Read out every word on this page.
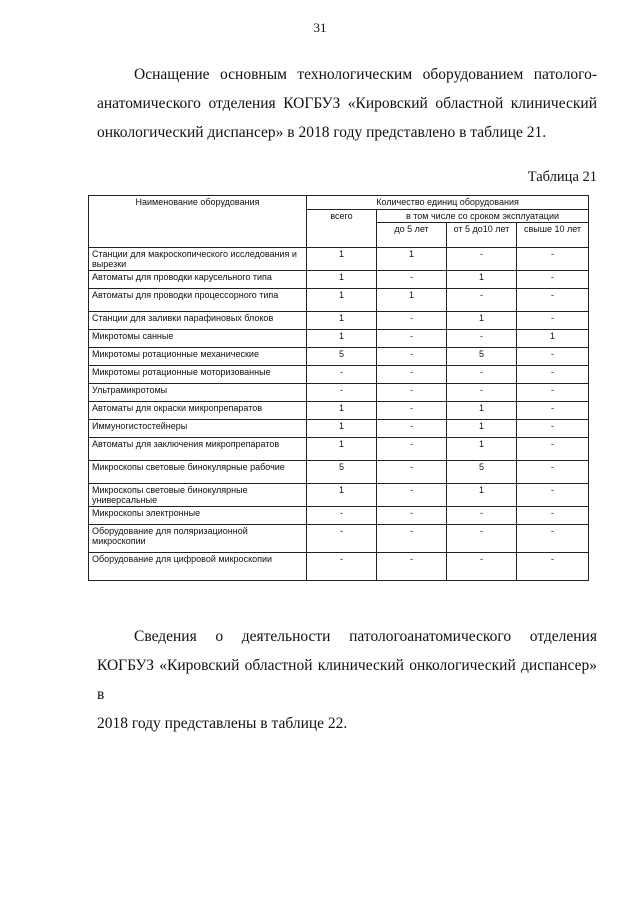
31
Оснащение основным технологическим оборудованием патолого-
анатомического отделения КОГБУЗ «Кировский областной клинический
онкологический диспансер» в 2018 году представлено в таблице 21.
Таблица 21
Наименование оборудования	Количество единиц оборудования			
	всего	в том числе со сроком эксплуатации		
		до 5 лет	от 5 до10 лет	свыше 10 лет
Станции для макроскопического исследования и вырезки	1	1	-	-
Автоматы для проводки карусельного типа	1	-	1	-
Автоматы для проводки процессорного типа	1	1	-	-
Станции для заливки парафиновых блоков	1	-	1	-
Микротомы санные	1	-	-	1
Микротомы ротационные механические	5	-	5	-
Микротомы ротационные моторизованные	-	-	-	-
Ультрамикротомы	-	-	-	-
Автоматы для окраски микропрепаратов	1	-	1	-
Иммуногистостейнеры	1	-	1	-
Автоматы для заключения микропрепаратов	1	-	1	-
Микроскопы световые бинокулярные рабочие	5	-	5	-
Микроскопы световые бинокулярные универсальные	1	-	1	-
Микроскопы электронные	-	-	-	-
Оборудование для поляризационной микроскопии	-	-	-	-
Оборудование для цифровой микроскопии	-	-	-	-
Сведения о деятельности патологоанатомического отделения
КОГБУЗ «Кировский областной клинический онкологический диспансер» в
2018 году представлены в таблице 22.
